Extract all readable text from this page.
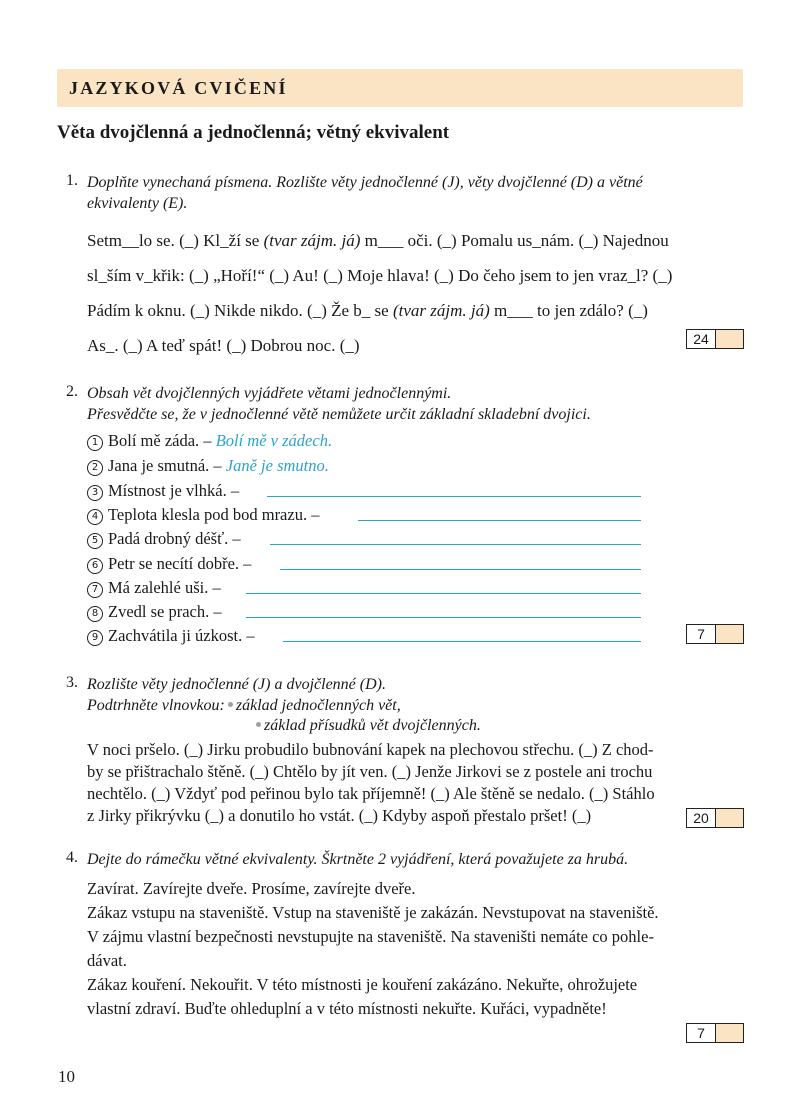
JAZYKOVÁ CVIČENÍ
Věta dvojčlenná a jednočlenná; větný ekvivalent
1. Doplňte vynechaná písmena. Rozlište věty jednočlenné (J), věty dvojčlenné (D) a větné
ekvivalenty (E).
Setm__lo se. (_) Kl_ží se (tvar zájm. já) m___ oči. (_) Pomalu us_nám. (_) Najednou
sl_ším v_křik: (_) „Hoří!“ (_) Au! (_) Moje hlava! (_) Do čeho jsem to jen vraz_l? (_)
Pádím k oknu. (_) Nikde nikdo. (_) Že b_ se (tvar zájm. já) m___ to jen zdálo? (_)
As_. (_) A teď spát! (_) Dobrou noc. (_)	24
2. Obsah vět dvojčlenných vyjádřete větami jednočlennými.
Přesvědčte se, že v jednočlenné větě nemůžete určit základní skladební dvojici.
1 Bolí mě záda. – Bolí mě v zádech.
2 Jana je smutná. – Janě je smutno.
3 Místnost je vlhká. –
4 Teplota klesla pod bod mrazu. –
5 Padá drobný déšť. –
6 Petr se necítí dobře. –
7 Má zalehlé uši. –
8 Zvedl se prach. –
9 Zachvátila ji úzkost. –	7
3. Rozlište věty jednočlenné (J) a dvojčlenné (D).
Podtrhněte vlnovkou: základ jednočlenných vět,
základ přísudků vět dvojčlenných.
V noci pršelo. (_) Jirku probudilo bubnování kapek na plechovou střechu. (_) Z chod-
by se přištrachalo štěně. (_) Chtělo by jít ven. (_) Jenže Jirkovi se z postele ani trochu
nechtělo. (_) Vždyť pod peřinou bylo tak příjemně! (_) Ale štěně se nedalo. (_) Stáhlo
z Jirky přikrývku (_) a donutilo ho vstát. (_) Kdyby aspoň přestalo pršet! (_)	20
4. Dejte do rámečku větné ekvivalenty. Škrtněte 2 vyjádření, která považujete za hrubá.
Zavírat. Zavírejte dveře. Prosíme, zavírejte dveře.
Zákaz vstupu na staveniště. Vstup na staveniště je zakázán. Nevstupovat na staveniště.
V zájmu vlastní bezpečnosti nevstupujte na staveniště. Na staveništi nemáte co pohle-
dávat.
Zákaz kouření. Nekouřit. V této místnosti je kouření zakázáno. Nekuřte, ohrožujete
vlastní zdraví. Buďte ohleduplní a v této místnosti nekuřte. Kuřáci, vypadněte!
7
10
